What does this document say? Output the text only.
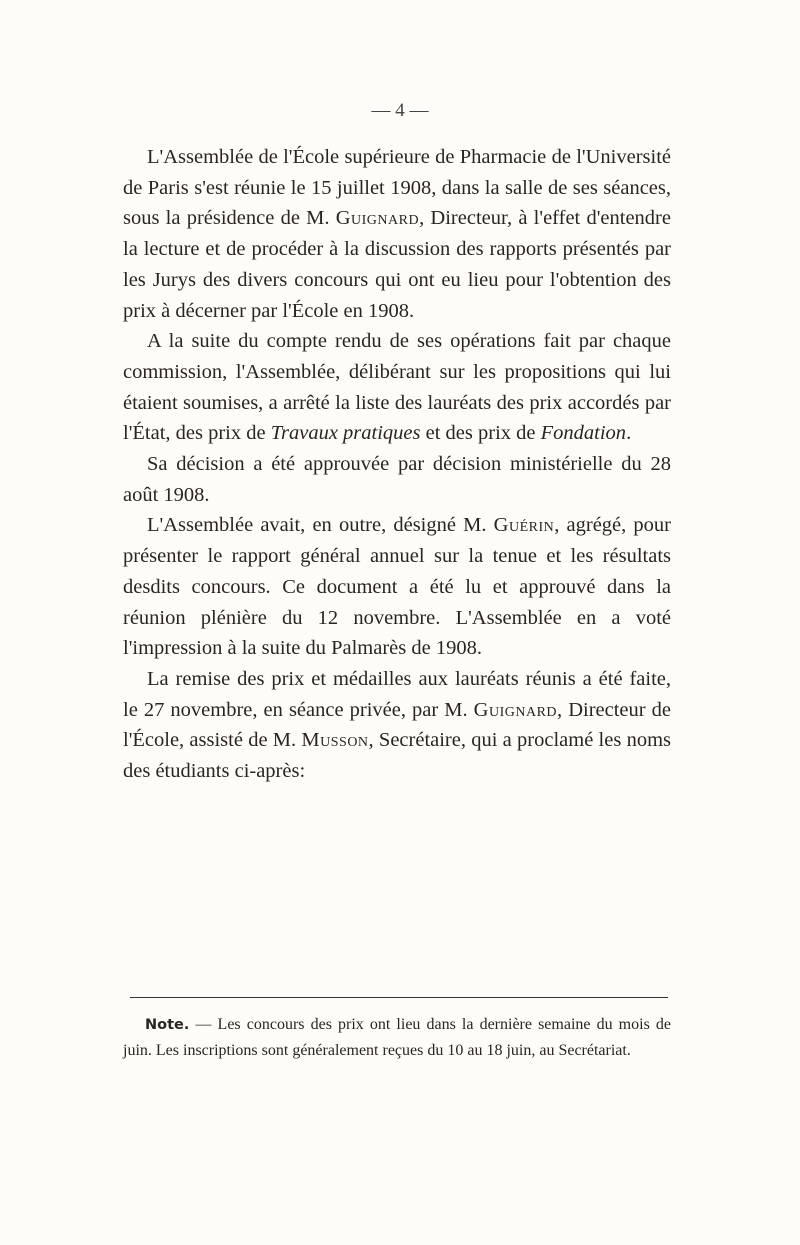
— 4 —

L'Assemblée de l'École supérieure de Pharmacie de l'Université de Paris s'est réunie le 15 juillet 1908, dans la salle de ses séances, sous la présidence de M. Guignard, Directeur, à l'effet d'entendre la lecture et de procéder à la discussion des rapports présentés par les Jurys des divers concours qui ont eu lieu pour l'obtention des prix à décerner par l'École en 1908.

A la suite du compte rendu de ses opérations fait par chaque commission, l'Assemblée, délibérant sur les propositions qui lui étaient soumises, a arrêté la liste des lauréats des prix accordés par l'État, des prix de Travaux pratiques et des prix de Fondation.

Sa décision a été approuvée par décision ministérielle du 28 août 1908.

L'Assemblée avait, en outre, désigné M. Guérin, agrégé, pour présenter le rapport général annuel sur la tenue et les résultats desdits concours. Ce document a été lu et approuvé dans la réunion plénière du 12 novembre. L'Assemblée en a voté l'impression à la suite du Palmarès de 1908.

La remise des prix et médailles aux lauréats réunis a été faite, le 27 novembre, en séance privée, par M. Guignard, Directeur de l'École, assisté de M. Musson, Secrétaire, qui a proclamé les noms des étudiants ci-après:

Note. — Les concours des prix ont lieu dans la dernière semaine du mois de juin. Les inscriptions sont généralement reçues du 10 au 18 juin, au Secrétariat.
